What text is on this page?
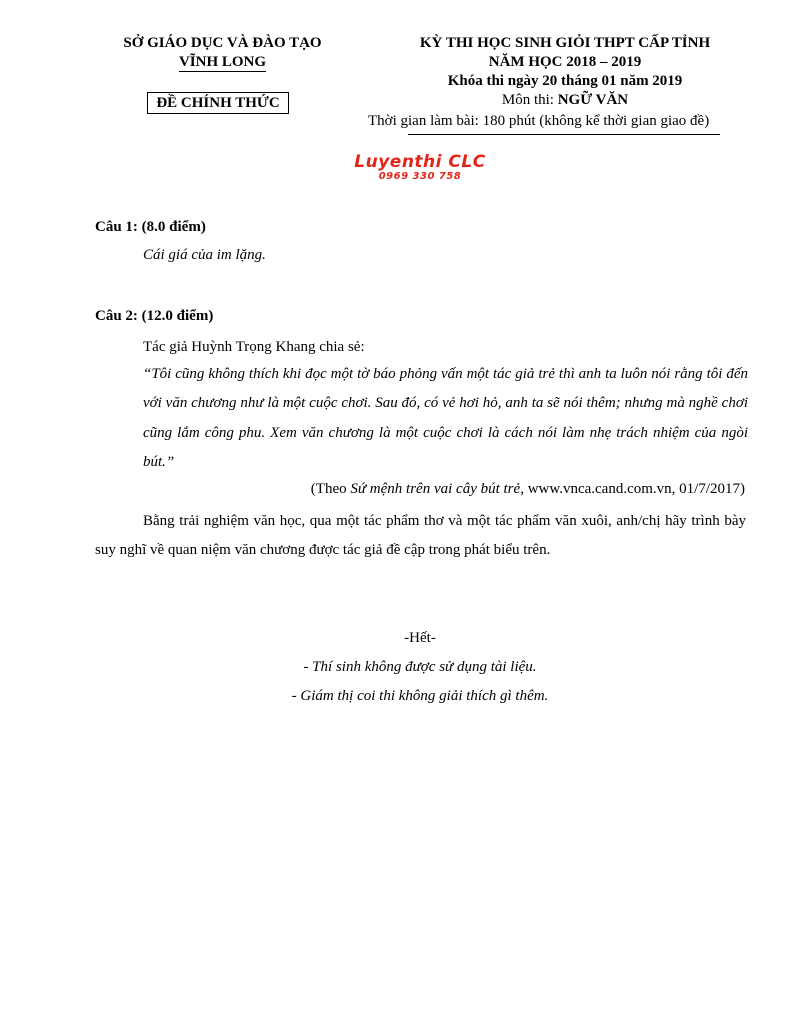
SỞ GIÁO DỤC VÀ ĐÀO TẠO
VĨNH LONG
ĐỀ CHÍNH THỨC
KỲ THI HỌC SINH GIỎI THPT CẤP TỈNH
NĂM HỌC 2018 – 2019
Khóa thi ngày 20 tháng 01 năm 2019
Môn thi: NGỮ VĂN
Thời gian làm bài: 180 phút (không kể thời gian giao đề)
Luyenthi CLC
0969 330 758
Câu 1: (8.0 điểm)
Cái giá của im lặng.
Câu 2: (12.0 điểm)
Tác giả Huỳnh Trọng Khang chia sẻ:
“Tôi cũng không thích khi đọc một tờ báo phỏng vấn một tác giả trẻ thì anh ta luôn nói rằng tôi đến với văn chương như là một cuộc chơi. Sau đó, có vẻ hơi hỏ, anh ta sẽ nói thêm; nhưng mà nghề chơi cũng lắm công phu. Xem văn chương là một cuộc chơi là cách nói làm nhẹ trách nhiệm của ngòi bút.”
(Theo Sứ mệnh trên vai cây bút trẻ, www.vnca.cand.com.vn, 01/7/2017)
Bằng trải nghiệm văn học, qua một tác phẩm thơ và một tác phẩm văn xuôi, anh/chị hãy trình bày suy nghĩ về quan niệm văn chương được tác giả đề cập trong phát biểu trên.
-Hết-
- Thí sinh không được sử dụng tài liệu.
- Giám thị coi thi không giải thích gì thêm.
